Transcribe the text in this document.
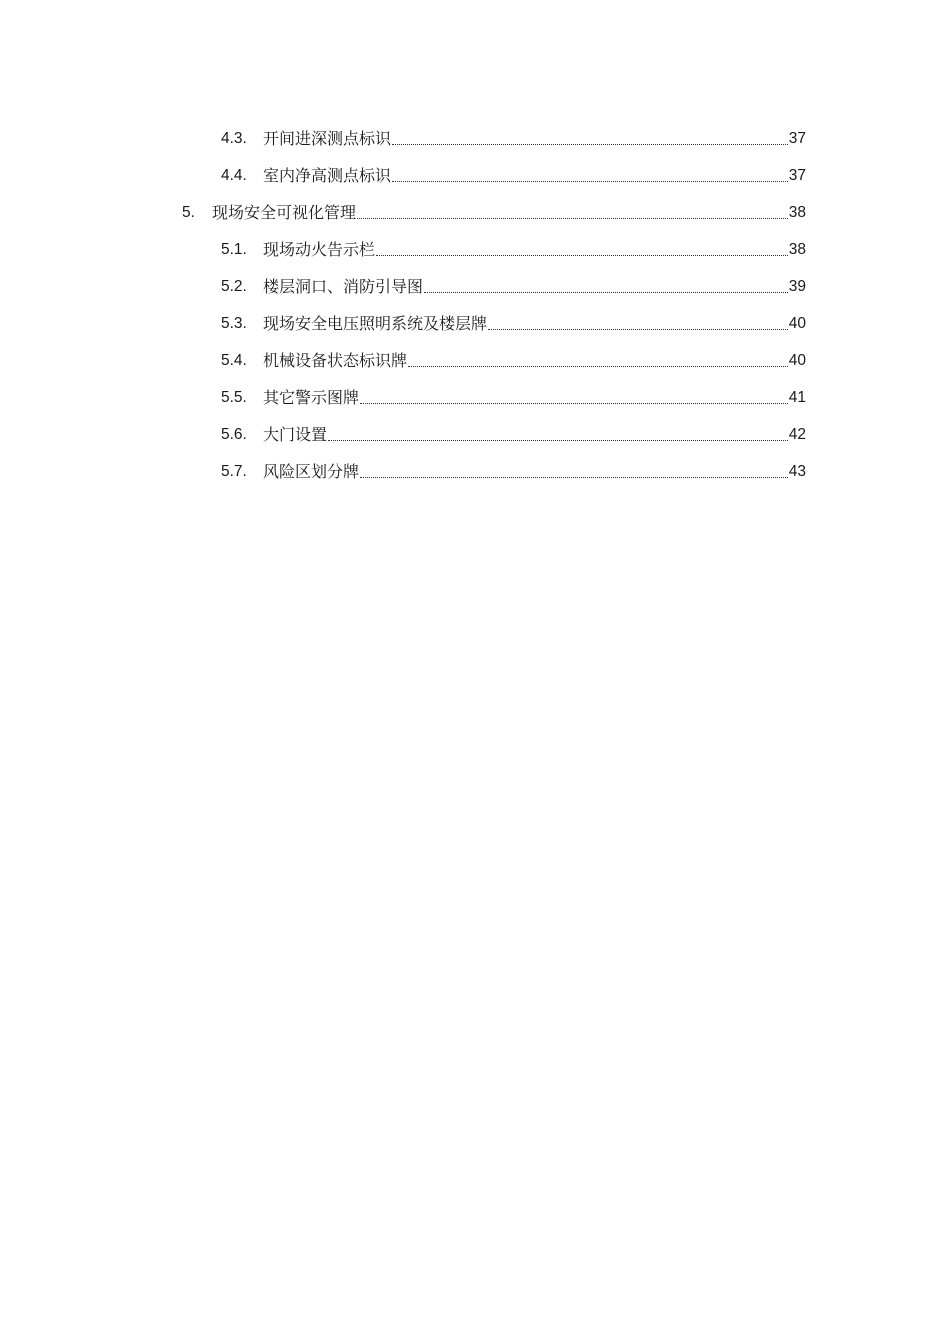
4.3.	开间进深测点标识	37
4.4.	室内净高测点标识	37
5.	现场安全可视化管理	38
5.1.	现场动火告示栏	38
5.2.	楼层洞口、消防引导图	39
5.3.	现场安全电压照明系统及楼层牌	40
5.4.	机械设备状态标识牌	40
5.5.	其它警示图牌	41
5.6.	大门设置	42
5.7.	风险区划分牌	43
